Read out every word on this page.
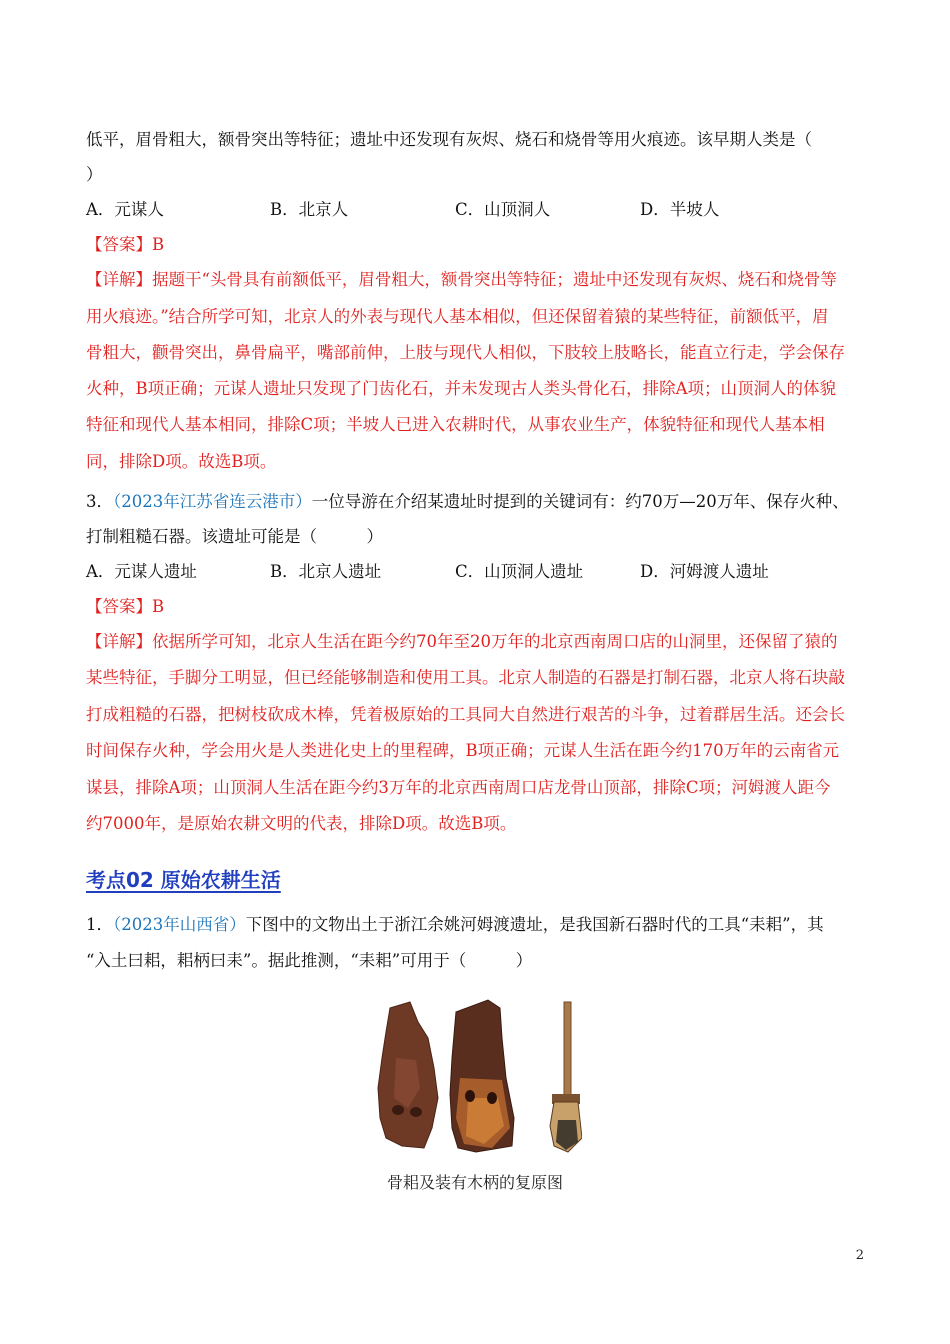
低平，眉骨粗大，额骨突出等特征；遗址中还发现有灰烬、烧石和烧骨等用火痕迹。该早期人类是（
）
A．元谋人	B．北京人	C．山顶洞人	D．半坡人
【答案】B
【详解】据题干“头骨具有前额低平，眉骨粗大，额骨突出等特征；遗址中还发现有灰烬、烧石和烧骨等
用火痕迹。”结合所学可知，北京人的外表与现代人基本相似，但还保留着猿的某些特征，前额低平，眉
骨粗大，颧骨突出，鼻骨扁平，嘴部前伸，上肢与现代人相似，下肢较上肢略长，能直立行走，学会保存
火种，B项正确；元谋人遗址只发现了门齿化石，并未发现古人类头骨化石，排除A项；山顶洞人的体貌
特征和现代人基本相同，排除C项；半坡人已进入农耕时代，从事农业生产，体貌特征和现代人基本相
同，排除D项。故选B项。
3．（2023年江苏省连云港市）一位导游在介绍某遗址时提到的关键词有：约70万—20万年、保存火种、
打制粗糙石器。该遗址可能是（　　　）
A．元谋人遗址	B．北京人遗址	C．山顶洞人遗址	D．河姆渡人遗址
【答案】B
【详解】依据所学可知，北京人生活在距今约70年至20万年的北京西南周口店的山洞里，还保留了猿的
某些特征，手脚分工明显，但已经能够制造和使用工具。北京人制造的石器是打制石器，北京人将石块敲
打成粗糙的石器，把树枝砍成木棒，凭着极原始的工具同大自然进行艰苦的斗争，过着群居生活。还会长
时间保存火种，学会用火是人类进化史上的里程碑，B项正确；元谋人生活在距今约170万年的云南省元
谋县，排除A项；山顶洞人生活在距今约3万年的北京西南周口店龙骨山顶部，排除C项；河姆渡人距今
约7000年，是原始农耕文明的代表，排除D项。故选B项。
考点02 原始农耕生活
1．（2023年山西省）下图中的文物出土于浙江余姚河姆渡遗址，是我国新石器时代的工具“耒耜”，其
“入土曰耜，耜柄曰耒”。据此推测，“耒耜”可用于（　　　）
骨耜及装有木柄的复原图
2
